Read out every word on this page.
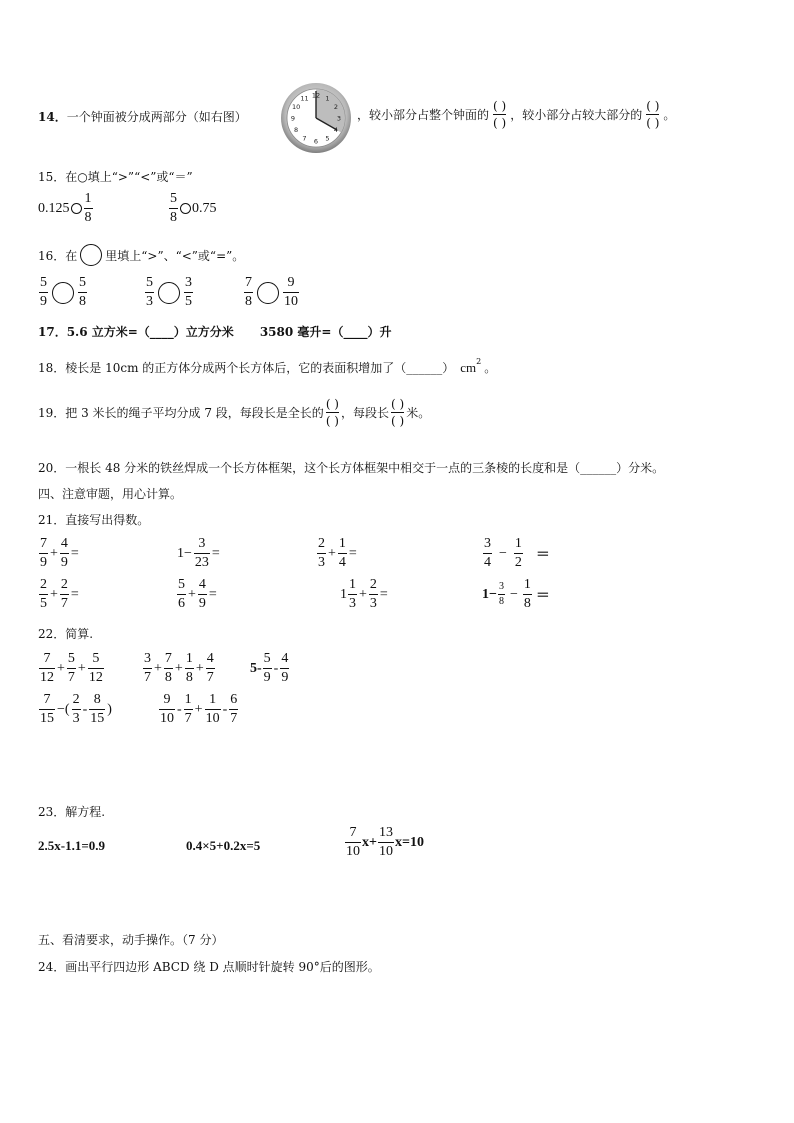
14． 一个钟面被分成两部分（如右图）
12 1
2
3
4
5
6
7
8
9
10
11
，较小部分占整个钟面的
( )
( )
，较小部分占较大部分的
( )
( )
。
15．在○填上“>”“<”或“＝”
$0.125 \frac{1}{8}$	$\frac{5}{8} 0.75$
16．在 里填上“>”、“<”或“=”。
$\frac{5}{9} \frac{5}{8}$	$\frac{5}{3} \frac{3}{5}$	$\frac{7}{8} \frac{9}{10}$
17．5.6 立方米=（____）立方分米 3580 毫升=（____）升
18．棱长是 10cm 的正方体分成两个长方体后，它的表面积增加了（______） cm 2 。
19．把 3 米长的绳子平均分成 7 段，每段长是全长的
( )
( )
，每段长
( )
( )
米。
20．一根长 48 分米的铁丝焊成一个长方体框架，这个长方体框架中相交于一点的三条棱的长度和是（______）分米。
四、注意审题，用心计算。
21．直接写出得数。
$\frac{7}{9} + \frac{4}{9}$ =	$1- \frac{3}{23}$ =	$\frac{2}{3} + \frac{1}{4}$ =	$\frac{3}{4} - \frac{1}{2}$ ＝
$\frac{2}{5} + \frac{2}{7}$ =	$\frac{5}{6} + \frac{4}{9}$ =	$1 \frac{1}{3} + \frac{2}{3}$ =	$1- \frac{3}{8} - \frac{1}{8}$ ＝
22．简算.
$\frac{7}{12} + \frac{5}{7} + \frac{5}{12}$	$\frac{3}{7} + \frac{7}{8} + \frac{1}{8} + \frac{4}{7}$	$5- \frac{5}{9} - \frac{4}{9}$
$\frac{7}{15}$ −( $\frac{2}{3} - \frac{8}{15}$ )	$\frac{9}{10} - \frac{1}{7} + \frac{1}{10} - \frac{6}{7}$
23．解方程.
2.5x-1.1=0.9	0.4×5+0.2x=5	$\frac{7}{10} x+ \frac{13}{10} x=10$
五、看清要求，动手操作。（7 分）
24．画出平行四边形 ABCD 绕 D 点顺时针旋转 90°后的图形。
